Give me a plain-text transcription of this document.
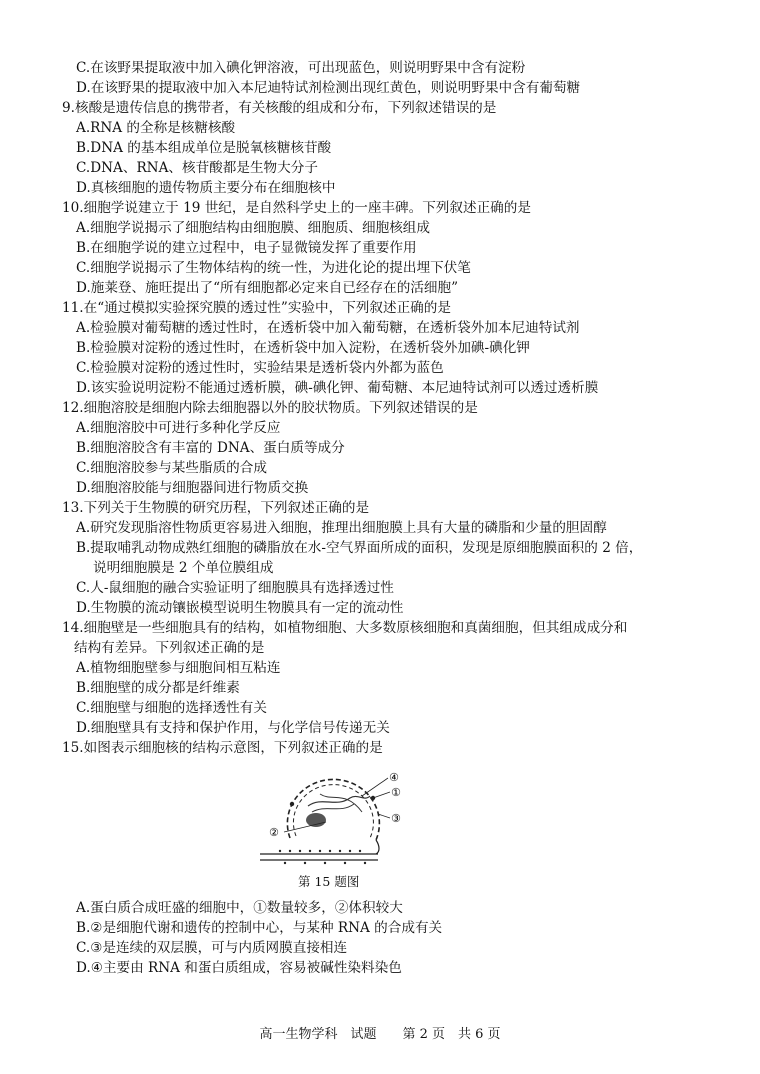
C.在该野果提取液中加入碘化钾溶液，可出现蓝色，则说明野果中含有淀粉
D.在该野果的提取液中加入本尼迪特试剂检测出现红黄色，则说明野果中含有葡萄糖
9.核酸是遗传信息的携带者，有关核酸的组成和分布，下列叙述错误的是
A.RNA 的全称是核糖核酸
B.DNA 的基本组成单位是脱氧核糖核苷酸
C.DNA、RNA、核苷酸都是生物大分子
D.真核细胞的遗传物质主要分布在细胞核中
10.细胞学说建立于 19 世纪，是自然科学史上的一座丰碑。下列叙述正确的是
A.细胞学说揭示了细胞结构由细胞膜、细胞质、细胞核组成
B.在细胞学说的建立过程中，电子显微镜发挥了重要作用
C.细胞学说揭示了生物体结构的统一性，为进化论的提出埋下伏笔
D.施莱登、施旺提出了“所有细胞都必定来自已经存在的活细胞”
11.在“通过模拟实验探究膜的透过性”实验中，下列叙述正确的是
A.检验膜对葡萄糖的透过性时，在透析袋中加入葡萄糖，在透析袋外加本尼迪特试剂
B.检验膜对淀粉的透过性时，在透析袋中加入淀粉，在透析袋外加碘-碘化钾
C.检验膜对淀粉的透过性时，实验结果是透析袋内外都为蓝色
D.该实验说明淀粉不能通过透析膜，碘-碘化钾、葡萄糖、本尼迪特试剂可以透过透析膜
12.细胞溶胶是细胞内除去细胞器以外的胶状物质。下列叙述错误的是
A.细胞溶胶中可进行多种化学反应
B.细胞溶胶含有丰富的 DNA、蛋白质等成分
C.细胞溶胶参与某些脂质的合成
D.细胞溶胶能与细胞器间进行物质交换
13.下列关于生物膜的研究历程，下列叙述正确的是
A.研究发现脂溶性物质更容易进入细胞，推理出细胞膜上具有大量的磷脂和少量的胆固醇
B.提取哺乳动物成熟红细胞的磷脂放在水-空气界面所成的面积，发现是原细胞膜面积的 2 倍，
说明细胞膜是 2 个单位膜组成
C.人-鼠细胞的融合实验证明了细胞膜具有选择透过性
D.生物膜的流动镶嵌模型说明生物膜具有一定的流动性
14.细胞壁是一些细胞具有的结构，如植物细胞、大多数原核细胞和真菌细胞，但其组成成分和
结构有差异。下列叙述正确的是
A.植物细胞壁参与细胞间相互粘连
B.细胞壁的成分都是纤维素
C.细胞壁与细胞的选择透性有关
D.细胞壁具有支持和保护作用，与化学信号传递无关
15.如图表示细胞核的结构示意图，下列叙述正确的是
④
①
②
③
第 15 题图
A.蛋白质合成旺盛的细胞中，①数量较多，②体积较大
B.②是细胞代谢和遗传的控制中心，与某种 RNA 的合成有关
C.③是连续的双层膜，可与内质网膜直接相连
D.④主要由 RNA 和蛋白质组成，容易被碱性染料染色
高一生物学科　试题　　第 2 页　共 6 页
